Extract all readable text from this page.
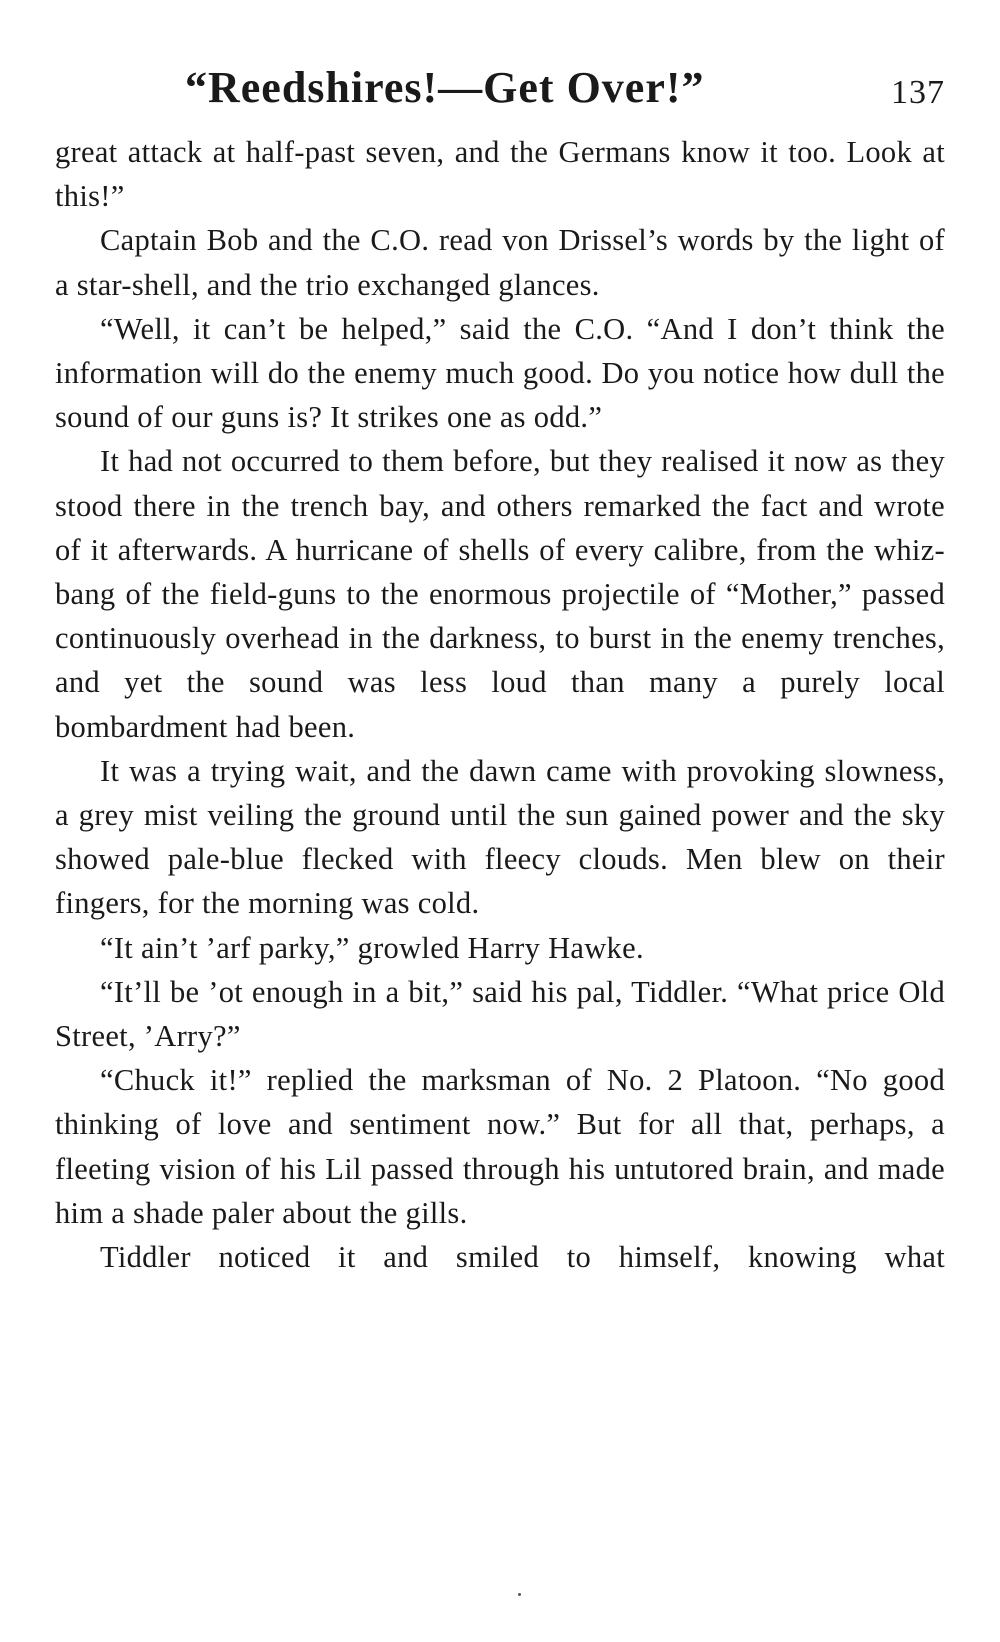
“Reedshires!—Get Over!”	137

great attack at half-past seven, and the Germans know it too. Look at this!”

Captain Bob and the C.O. read von Drissel’s words by the light of a star-shell, and the trio exchanged glances.

“Well, it can’t be helped,” said the C.O. “And I don’t think the information will do the enemy much good. Do you notice how dull the sound of our guns is? It strikes one as odd.”

It had not occurred to them before, but they realised it now as they stood there in the trench bay, and others remarked the fact and wrote of it afterwards. A hurricane of shells of every calibre, from the whiz-bang of the field-guns to the enormous projectile of “Mother,” passed continuously overhead in the darkness, to burst in the enemy trenches, and yet the sound was less loud than many a purely local bombardment had been.

It was a trying wait, and the dawn came with provoking slowness, a grey mist veiling the ground until the sun gained power and the sky showed pale-blue flecked with fleecy clouds. Men blew on their fingers, for the morning was cold.

“It ain’t ’arf parky,” growled Harry Hawke.

“It’ll be ’ot enough in a bit,” said his pal, Tiddler. “What price Old Street, ’Arry?”

“Chuck it!” replied the marksman of No. 2 Platoon. “No good thinking of love and sentiment now.” But for all that, perhaps, a fleeting vision of his Lil passed through his untutored brain, and made him a shade paler about the gills.

Tiddler noticed it and smiled to himself, knowing what
